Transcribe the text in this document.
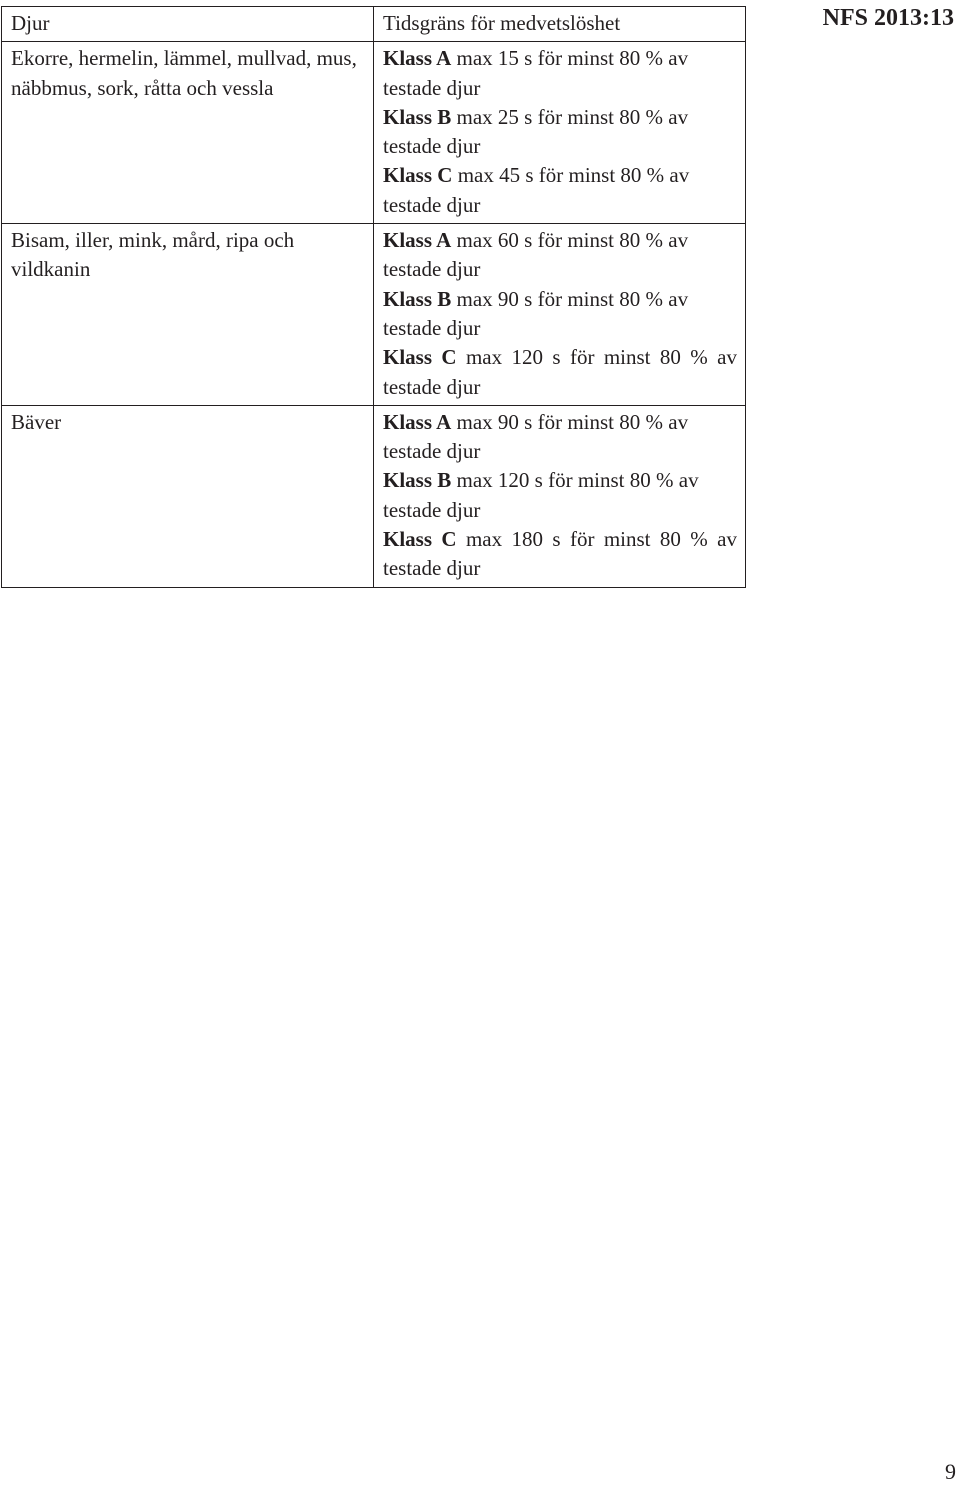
NFS 2013:13
Djur	Tidsgräns för medvetslöshet
Ekorre, hermelin, lämmel, mullvad, mus, näbbmus, sork, råtta och vessla	Klass A max 15 s för minst 80 % av testade djur
Klass B max 25 s för minst 80 % av testade djur
Klass C max 45 s för minst 80 % av testade djur

Bisam, iller, mink, mård, ripa och vildkanin	Klass A max 60 s för minst 80 % av testade djur
Klass B max 90 s för minst 80 % av testade djur
Klass C max 120 s för minst 80 % av testade djur

Bäver	Klass A max 90 s för minst 80 % av testade djur
Klass B max 120 s för minst 80 % av testade djur
Klass C max 180 s för minst 80 % av testade djur
9
